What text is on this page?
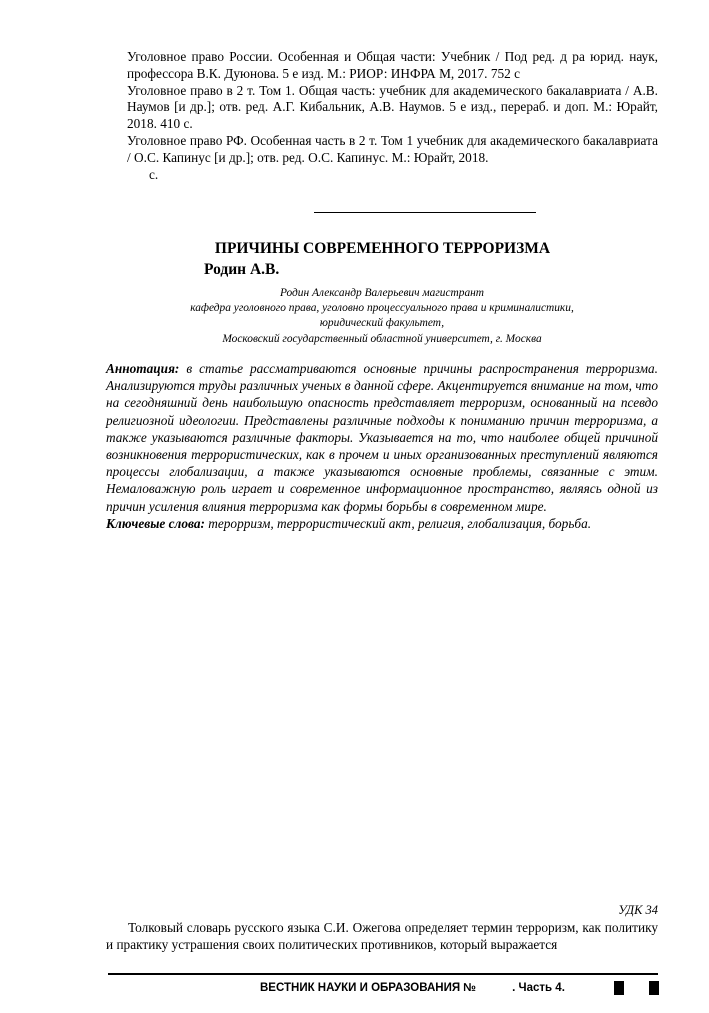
Уголовное право России. Особенная и Общая части: Учебник / Под ред. д ра юрид. наук, профессора В.К. Дуюнова. 5 е изд. М.: РИОР: ИНФРА М, 2017. 752 с

Уголовное право в 2 т. Том 1. Общая часть: учебник для академического бакалавриата / А.В. Наумов [и др.]; отв. ред. А.Г. Кибальник, А.В. Наумов. 5 е изд., перераб. и доп. М.: Юрайт, 2018. 410 с.

Уголовное право РФ. Особенная часть в 2 т. Том 1 учебник для академического бакалавриата / О.С. Капинус [и др.]; отв. ред. О.С. Капинус. М.: Юрайт, 2018.

с.

ПРИЧИНЫ СОВРЕМЕННОГО ТЕРРОРИЗМА
Родин А.В.

Родин Александр Валерьевич магистрант

кафедра уголовного права, уголовно процессуального права и криминалистики,

юридический факультет,

Московский государственный областной университет, г. Москва

Аннотация: в статье рассматриваются основные причины распространения терроризма. Анализируются труды различных ученых в данной сфере. Акцентируется внимание на том, что на сегодняшний день наибольшую опасность представляет терроризм, основанный на псевдо религиозной идеологии. Представлены различные подходы к пониманию причин терроризма, а также указываются различные факторы. Указывается на то, что наиболее общей причиной возникновения террористических, как в прочем и иных организованных преступлений являются процессы глобализации, а также указываются основные проблемы, связанные с этим. Немаловажную роль играет и современное информационное пространство, являясь одной из причин усиления влияния терроризма как формы борьбы в современном мире.

Ключевые слова: терорризм, террористический акт, религия, глобализация, борьба.

УДК 34

Толковый словарь русского языка С.И. Ожегова определяет термин терроризм, как политику и практику устрашения своих политических противников, который выражается

ВЕСТНИК НАУКИ И ОБРАЗОВАНИЯ №	. Часть 4.
